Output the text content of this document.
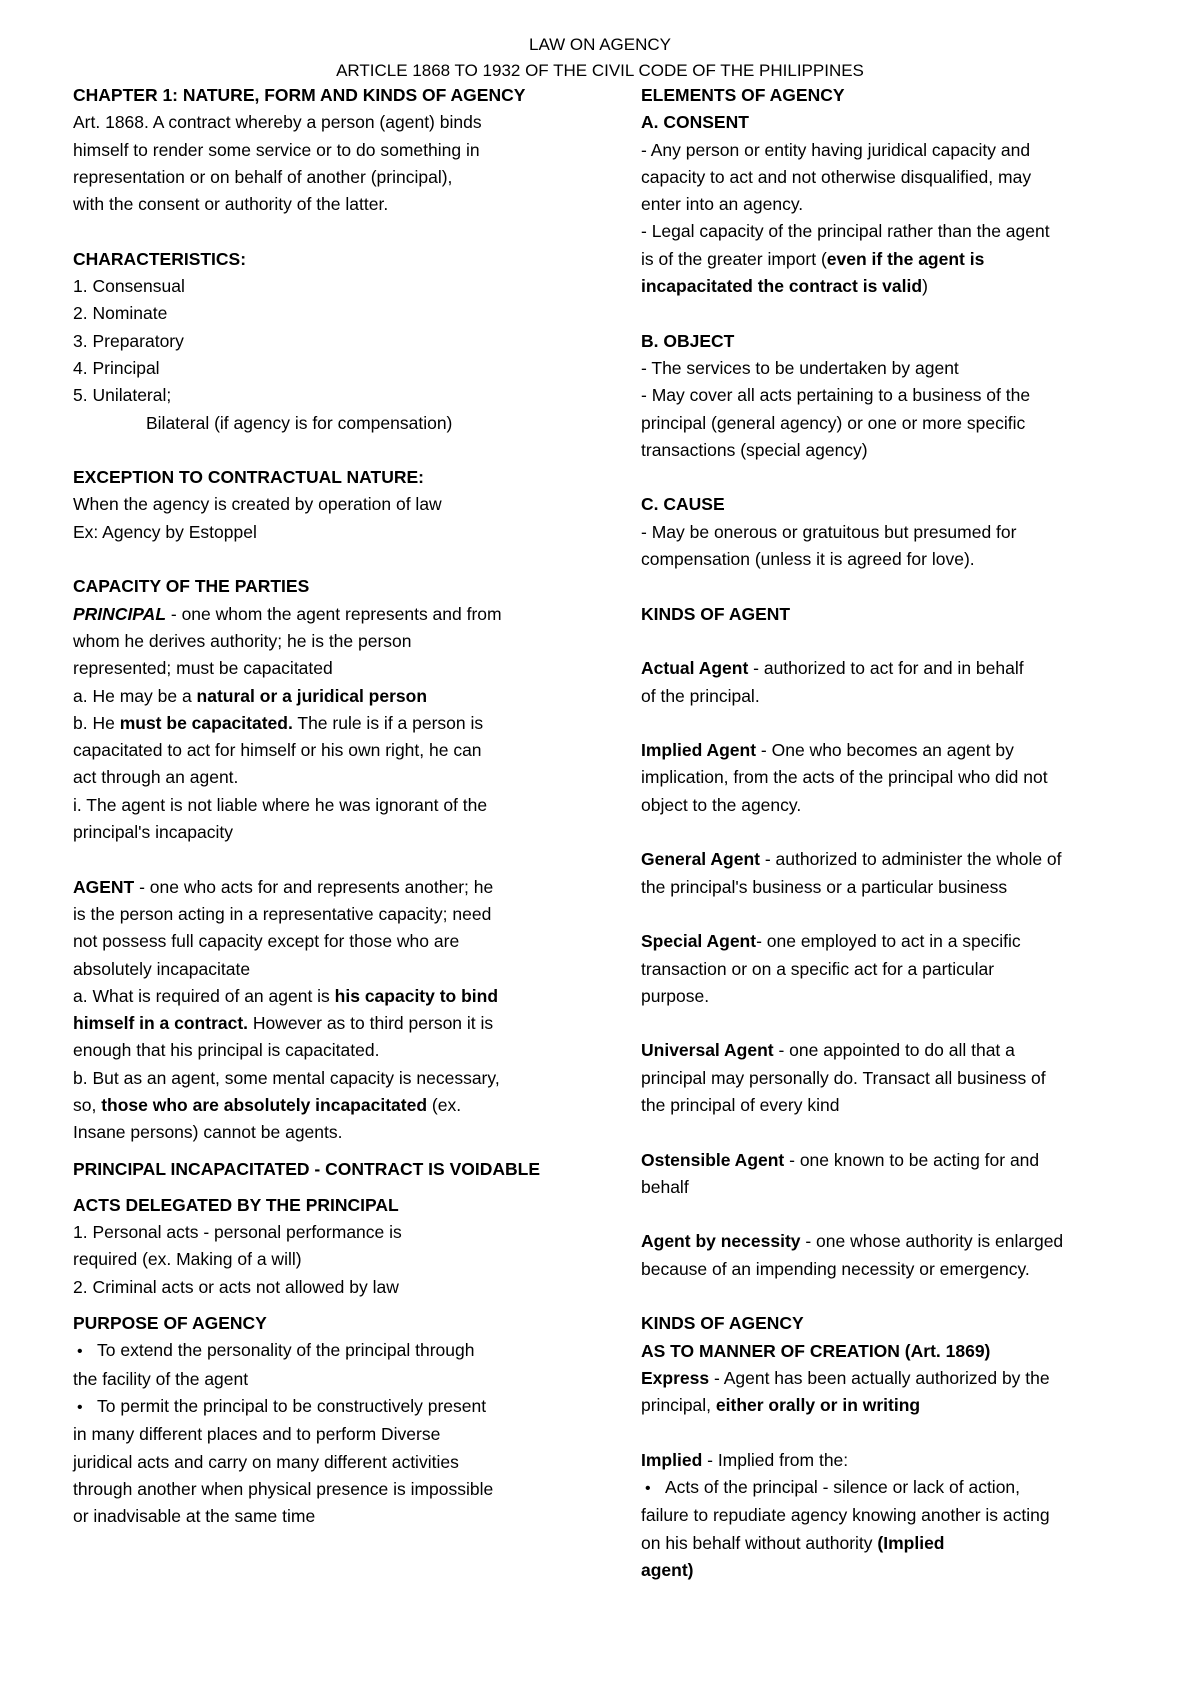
LAW ON AGENCY
ARTICLE 1868 TO 1932 OF THE CIVIL CODE OF THE PHILIPPINES
CHAPTER 1: NATURE, FORM AND KINDS OF AGENCY
Art. 1868. A contract whereby a person (agent) binds
himself to render some service or to do something in
representation or on behalf of another (principal),
with the consent or authority of the latter.
CHARACTERISTICS:
1. Consensual
2. Nominate
3. Preparatory
4. Principal
5. Unilateral;
Bilateral (if agency is for compensation)
EXCEPTION TO CONTRACTUAL NATURE:
When the agency is created by operation of law
Ex: Agency by Estoppel
CAPACITY OF THE PARTIES
PRINCIPAL - one whom the agent represents and from
whom he derives authority; he is the person
represented; must be capacitated
a. He may be a natural or a juridical person
b. He must be capacitated. The rule is if a person is
capacitated to act for himself or his own right, he can
act through an agent.
i. The agent is not liable where he was ignorant of the
principal's incapacity
AGENT - one who acts for and represents another; he
is the person acting in a representative capacity; need
not possess full capacity except for those who are
absolutely incapacitate
a. What is required of an agent is his capacity to bind
himself in a contract. However as to third person it is
enough that his principal is capacitated.
b. But as an agent, some mental capacity is necessary,
so, those who are absolutely incapacitated (ex.
Insane persons) cannot be agents.
PRINCIPAL INCAPACITATED - CONTRACT IS VOIDABLE
ACTS DELEGATED BY THE PRINCIPAL
1. Personal acts - personal performance is
required (ex. Making of a will)
2. Criminal acts or acts not allowed by law
PURPOSE OF AGENCY
• To extend the personality of the principal through
the facility of the agent
• To permit the principal to be constructively present
in many different places and to perform Diverse
juridical acts and carry on many different activities
through another when physical presence is impossible
or inadvisable at the same time
ELEMENTS OF AGENCY
A. CONSENT
- Any person or entity having juridical capacity and
capacity to act and not otherwise disqualified, may
enter into an agency.
- Legal capacity of the principal rather than the agent
is of the greater import (even if the agent is
incapacitated the contract is valid)
B. OBJECT
- The services to be undertaken by agent
- May cover all acts pertaining to a business of the
principal (general agency) or one or more specific
transactions (special agency)
C. CAUSE
- May be onerous or gratuitous but presumed for
compensation (unless it is agreed for love).
KINDS OF AGENT
Actual Agent - authorized to act for and in behalf
of the principal.
Implied Agent - One who becomes an agent by
implication, from the acts of the principal who did not
object to the agency.
General Agent - authorized to administer the whole of
the principal's business or a particular business
Special Agent- one employed to act in a specific
transaction or on a specific act for a particular
purpose.
Universal Agent - one appointed to do all that a
principal may personally do. Transact all business of
the principal of every kind
Ostensible Agent - one known to be acting for and
behalf
Agent by necessity - one whose authority is enlarged
because of an impending necessity or emergency.
KINDS OF AGENCY
AS TO MANNER OF CREATION (Art. 1869)
Express - Agent has been actually authorized by the
principal, either orally or in writing
Implied - Implied from the:
• Acts of the principal - silence or lack of action,
failure to repudiate agency knowing another is acting
on his behalf without authority (Implied
agent)
